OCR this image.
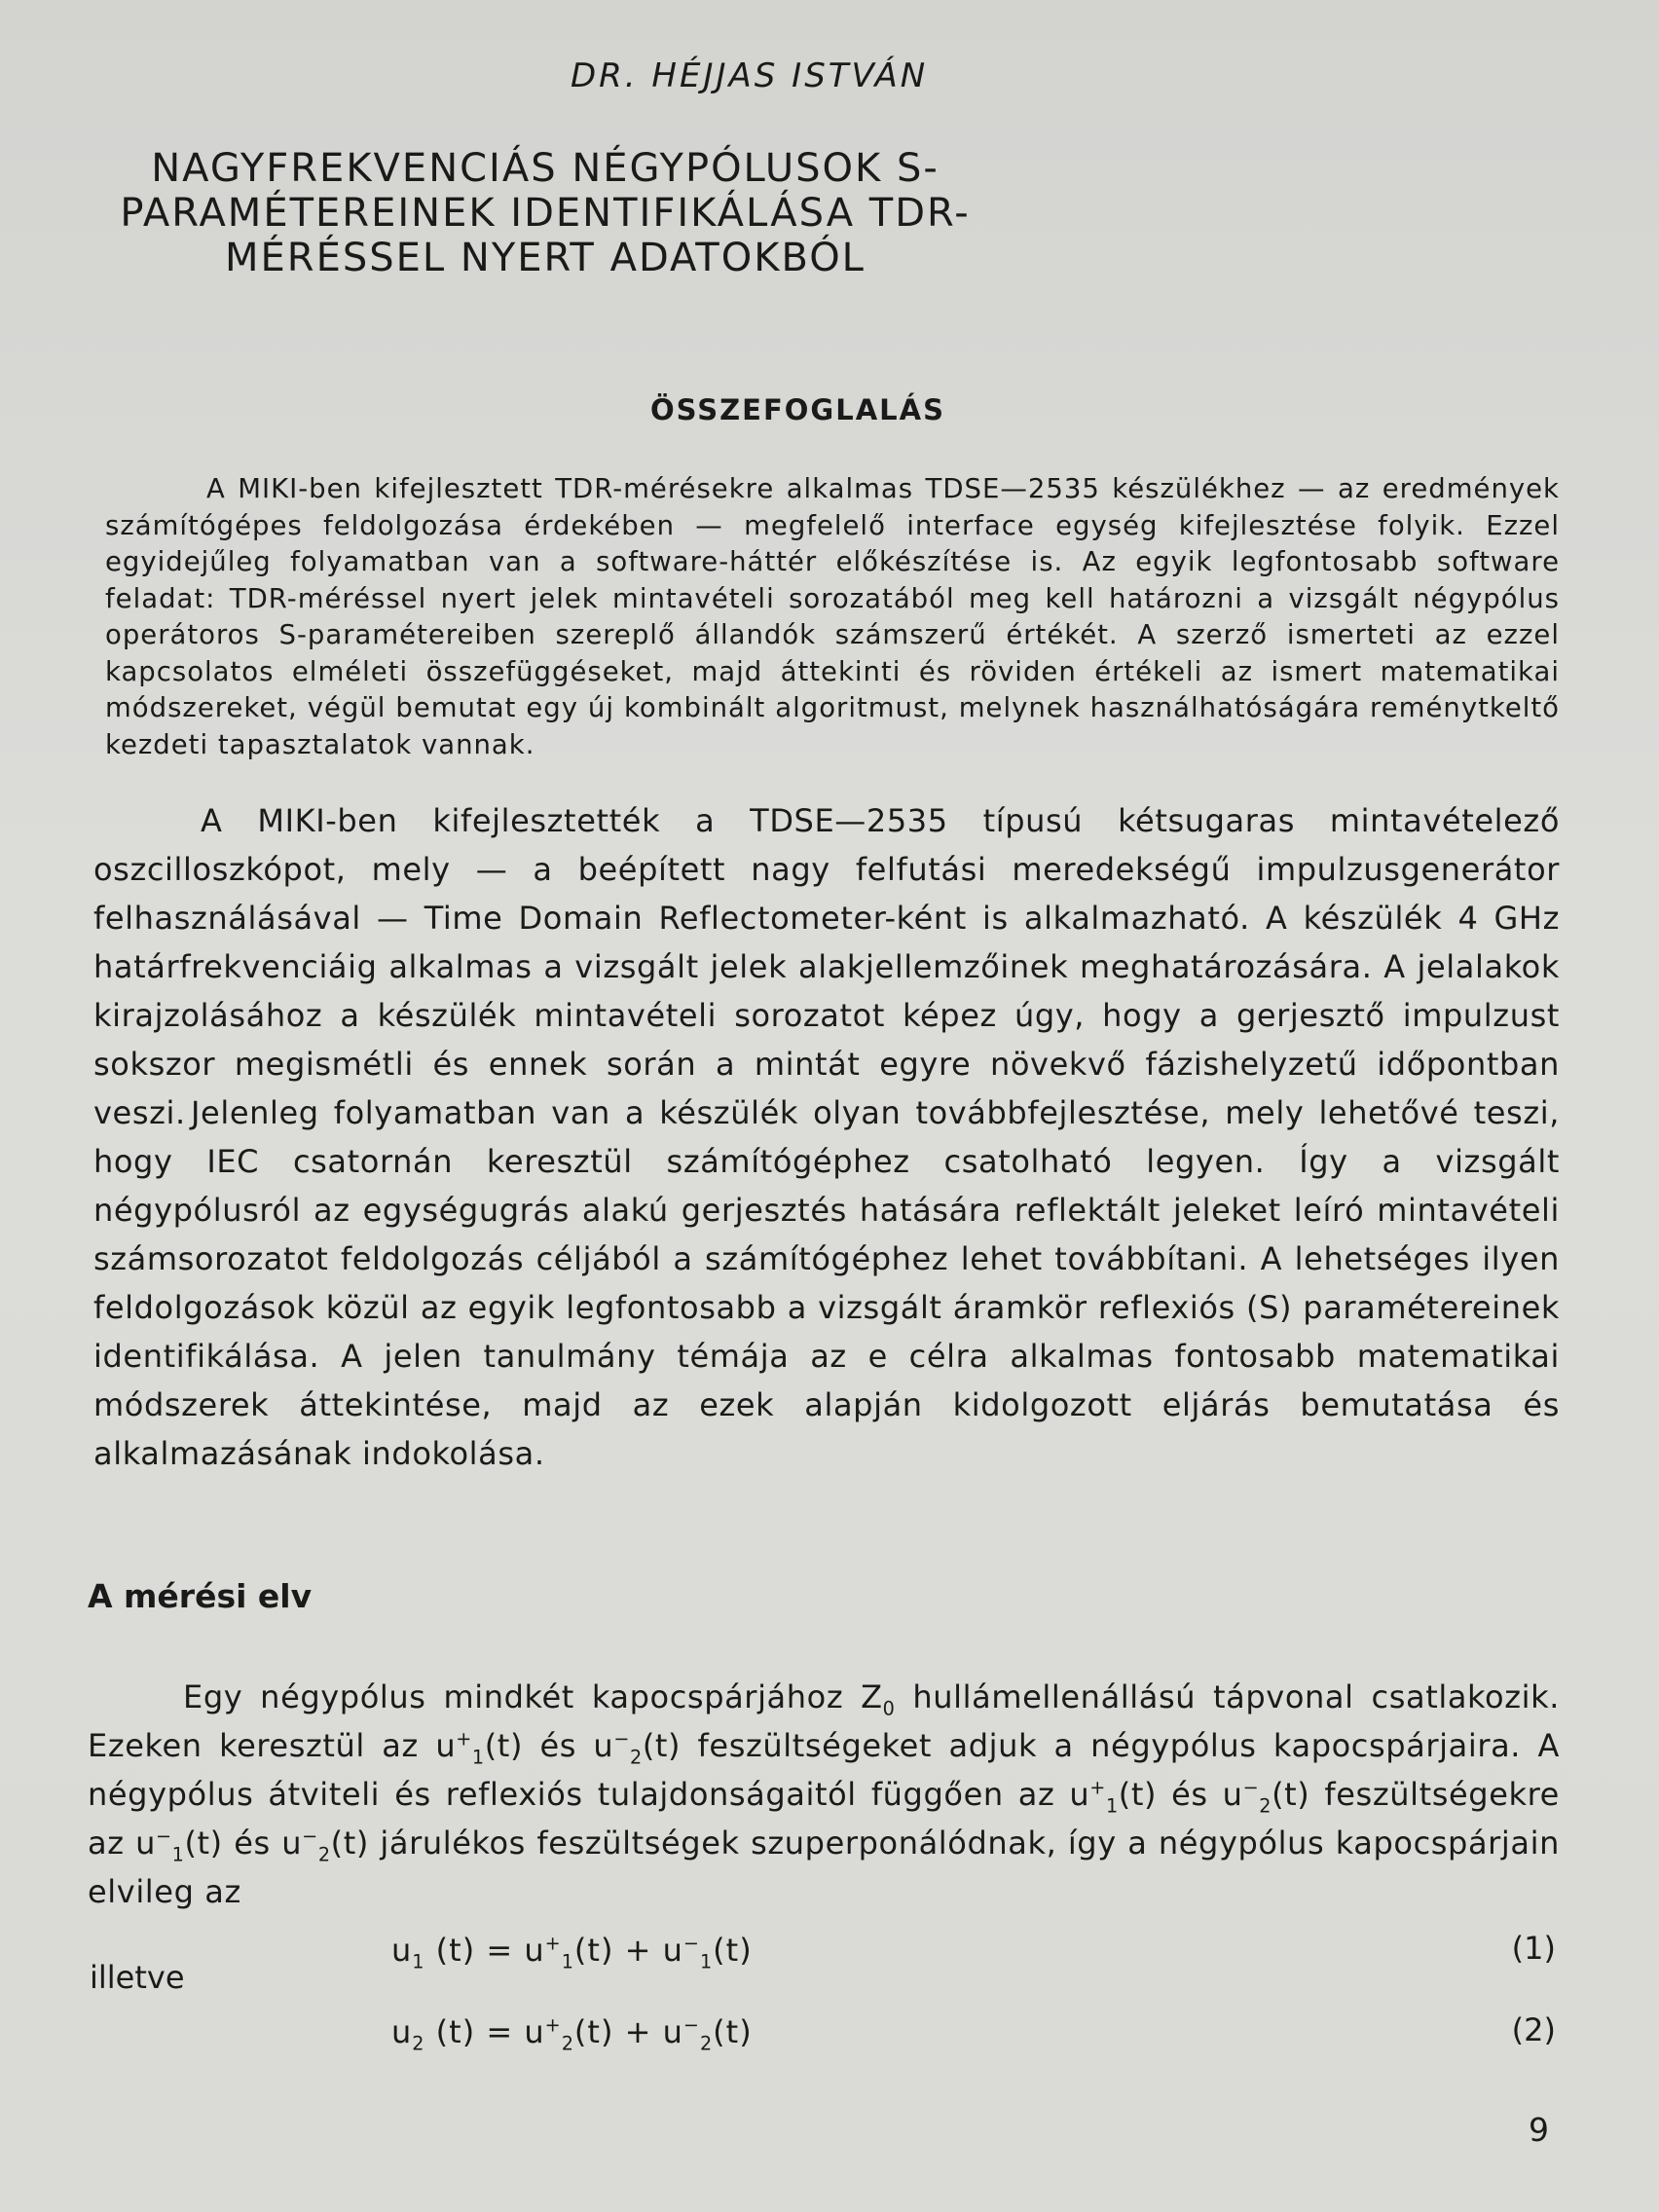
DR. HÉJJAS ISTVÁN
NAGYFREKVENCIÁS NÉGYPÓLUSOK S-PARAMÉTEREINEK IDENTIFIKÁLÁSA TDR-MÉRÉSSEL NYERT ADATOKBÓL
ÖSSZEFOGLALÁS
A MIKI-ben kifejlesztett TDR-mérésekre alkalmas TDSE—2535 készülékhez — az eredmények számítógépes feldolgozása érdekében — megfelelő interface egység kifejlesztése folyik. Ezzel egyidejűleg folyamatban van a software-háttér előkészítése is. Az egyik legfontosabb software feladat: TDR-méréssel nyert jelek mintavételi sorozatából meg kell határozni a vizsgált négypólus operátoros S-paramétereiben szereplő állandók számszerű értékét. A szerző ismerteti az ezzel kapcsolatos elméleti összefüggéseket, majd áttekinti és röviden értékeli az ismert matematikai módszereket, végül bemutat egy új kombinált algoritmust, melynek használhatóságára reménytkeltő kezdeti tapasztalatok vannak.
A MIKI-ben kifejlesztették a TDSE—2535 típusú kétsugaras mintavételező oszcilloszkópot, mely — a beépített nagy felfutási meredekségű impulzusgenerátor felhasználásával — Time Domain Reflectometer-ként is alkalmazható. A készülék 4 GHz határfrekvenciáig alkalmas a vizsgált jelek alakjellemzőinek meghatározására. A jelalakok kirajzolásához a készülék mintavételi sorozatot képez úgy, hogy a gerjesztő impulzust sokszor megismétli és ennek során a mintát egyre növekvő fázishelyzetű időpontban veszi. Jelenleg folyamatban van a készülék olyan továbbfejlesztése, mely lehetővé teszi, hogy IEC csatornán keresztül számítógéphez csatolható legyen. Így a vizsgált négypólusról az egységugrás alakú gerjesztés hatására reflektált jeleket leíró mintavételi számsorozatot feldolgozás céljából a számítógéphez lehet továbbítani. A lehetséges ilyen feldolgozások közül az egyik legfontosabb a vizsgált áramkör reflexiós (S) paramétereinek identifikálása. A jelen tanulmány témája az e célra alkalmas fontosabb matematikai módszerek áttekintése, majd az ezek alapján kidolgozott eljárás bemutatása és alkalmazásának indokolása.
A mérési elv
Egy négypólus mindkét kapocspárjához $Z_0$ hullámellenállású tápvonal csatlakozik. Ezeken keresztül az $u^+_1(t)$ és $u^-_2(t)$ feszültségeket adjuk a négypólus kapocspárjaira. A négypólus átviteli és reflexiós tulajdonságaitól függően az $u^+_1(t)$ és $u^-_2(t)$ feszültségekre az $u^-_1(t)$ és $u^-_2(t)$ járulékos feszültségek szuperponálódnak, így a négypólus kapocspárjain elvileg az
$u_1$ $(t) = u^+_1(t) + u^-_1(t)$	(1)
illetve
$u_2$ $(t) = u^+_2(t) + u^-_2(t)$	(2)
9
